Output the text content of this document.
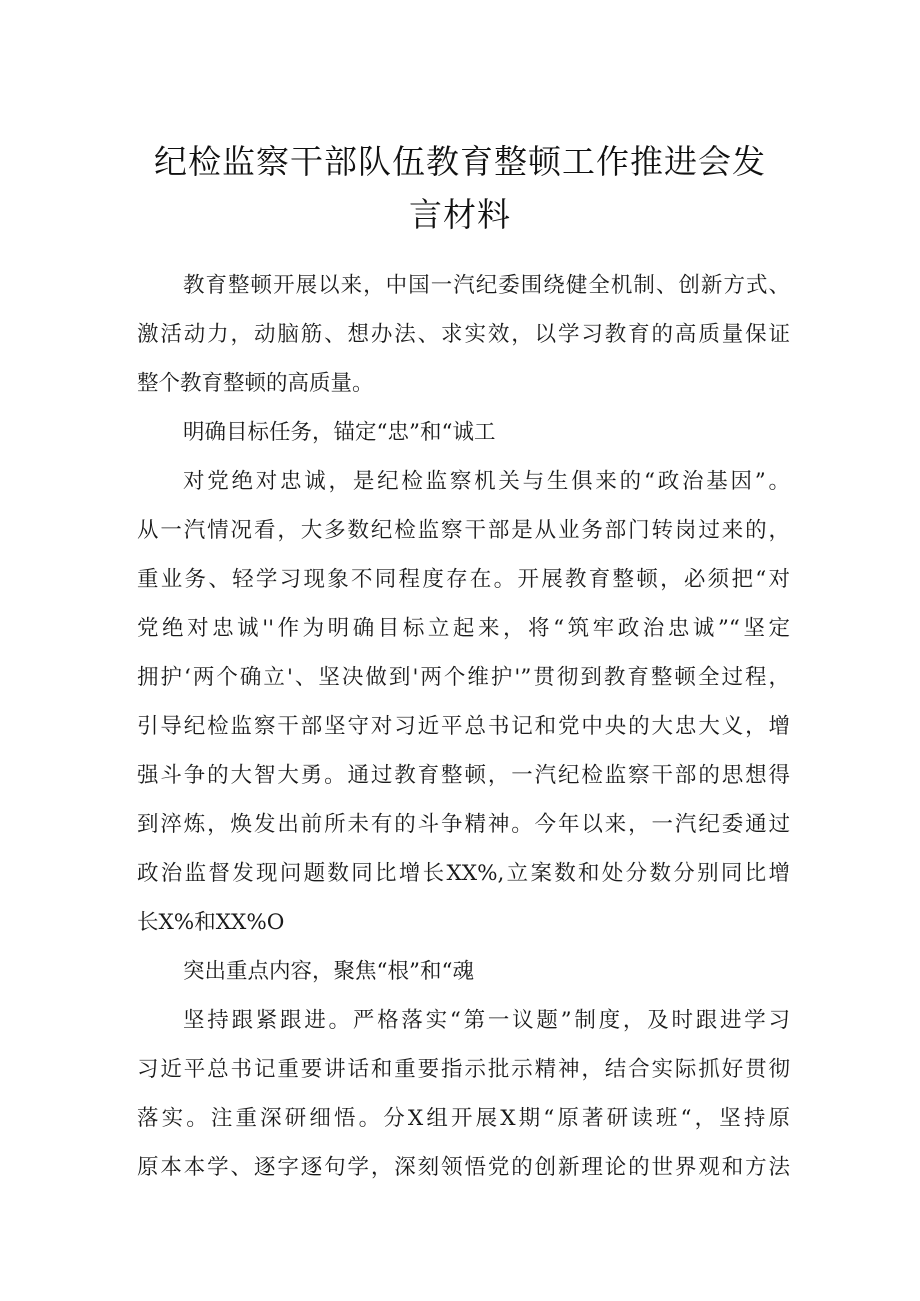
纪检监察干部队伍教育整顿工作推进会发
言材料
教育整顿开展以来，中国一汽纪委围绕健全机制、创新方式、
激活动力，动脑筋、想办法、求实效，以学习教育的高质量保证
整个教育整顿的高质量。
明确目标任务，锚定“忠”和“诚工
对党绝对忠诚，是纪检监察机关与生俱来的“政治基因”。
从一汽情况看，大多数纪检监察干部是从业务部门转岗过来的，
重业务、轻学习现象不同程度存在。开展教育整顿，必须把“对
党绝对忠诚''作为明确目标立起来，将“筑牢政治忠诚”“坚定
拥护‘两个确立'、坚决做到'两个维护'”贯彻到教育整顿全过程，
引导纪检监察干部坚守对习近平总书记和党中央的大忠大义，增
强斗争的大智大勇。通过教育整顿，一汽纪检监察干部的思想得
到淬炼，焕发出前所未有的斗争精神。今年以来，一汽纪委通过
政治监督发现问题数同比增长XX%,立案数和处分数分别同比增
长X%和XX%O
突出重点内容，聚焦“根”和“魂
坚持跟紧跟进。严格落实“第一议题”制度，及时跟进学习
习近平总书记重要讲话和重要指示批示精神，结合实际抓好贯彻
落实。注重深研细悟。分X组开展X期“原著研读班“，坚持原
原本本学、逐字逐句学，深刻领悟党的创新理论的世界观和方法
